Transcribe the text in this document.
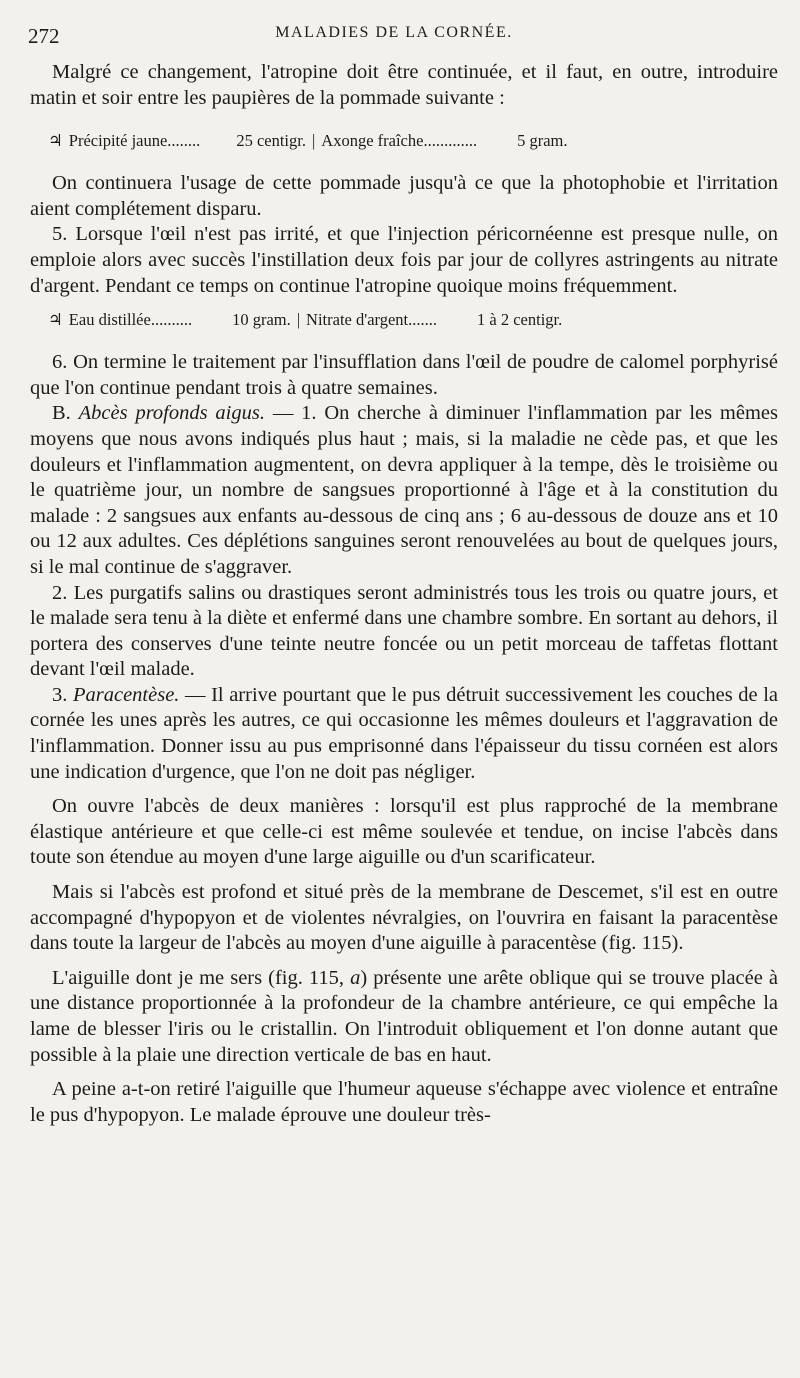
272	MALADIES DE LA CORNÉE.

Malgré ce changement, l'atropine doit être continuée, et il faut, en outre, introduire matin et soir entre les paupières de la pommade suivante :

♃ Précipité jaune........ 25 centigr. | Axonge fraîche............. 5 gram.

On continuera l'usage de cette pommade jusqu'à ce que la photophobie et l'irritation aient complétement disparu.

5. Lorsque l'œil n'est pas irrité, et que l'injection péricornéenne est presque nulle, on emploie alors avec succès l'instillation deux fois par jour de collyres astringents au nitrate d'argent. Pendant ce temps on continue l'atropine quoique moins fréquemment.

♃ Eau distillée.......... 10 gram. | Nitrate d'argent....... 1 à 2 centigr.

6. On termine le traitement par l'insufflation dans l'œil de poudre de calomel porphyrisé que l'on continue pendant trois à quatre semaines.

B. Abcès profonds aigus. — 1. On cherche à diminuer l'inflammation par les mêmes moyens que nous avons indiqués plus haut ; mais, si la maladie ne cède pas, et que les douleurs et l'inflammation augmentent, on devra appliquer à la tempe, dès le troisième ou le quatrième jour, un nombre de sangsues proportionné à l'âge et à la constitution du malade : 2 sangsues aux enfants au-dessous de cinq ans ; 6 au-dessous de douze ans et 10 ou 12 aux adultes. Ces déplétions sanguines seront renouvelées au bout de quelques jours, si le mal continue de s'aggraver.

2. Les purgatifs salins ou drastiques seront administrés tous les trois ou quatre jours, et le malade sera tenu à la diète et enfermé dans une chambre sombre. En sortant au dehors, il portera des conserves d'une teinte neutre foncée ou un petit morceau de taffetas flottant devant l'œil malade.

3. Paracentèse. — Il arrive pourtant que le pus détruit successivement les couches de la cornée les unes après les autres, ce qui occasionne les mêmes douleurs et l'aggravation de l'inflammation. Donner issu au pus emprisonné dans l'épaisseur du tissu cornéen est alors une indication d'urgence, que l'on ne doit pas négliger.

On ouvre l'abcès de deux manières : lorsqu'il est plus rapproché de la membrane élastique antérieure et que celle-ci est même soulevée et tendue, on incise l'abcès dans toute son étendue au moyen d'une large aiguille ou d'un scarificateur.

Mais si l'abcès est profond et situé près de la membrane de Descemet, s'il est en outre accompagné d'hypopyon et de violentes névralgies, on l'ouvrira en faisant la paracentèse dans toute la largeur de l'abcès au moyen d'une aiguille à paracentèse (fig. 115).

L'aiguille dont je me sers (fig. 115, a) présente une arête oblique qui se trouve placée à une distance proportionnée à la profondeur de la chambre antérieure, ce qui empêche la lame de blesser l'iris ou le cristallin. On l'introduit obliquement et l'on donne autant que possible à la plaie une direction verticale de bas en haut.

A peine a-t-on retiré l'aiguille que l'humeur aqueuse s'échappe avec violence et entraîne le pus d'hypopyon. Le malade éprouve une douleur très-
